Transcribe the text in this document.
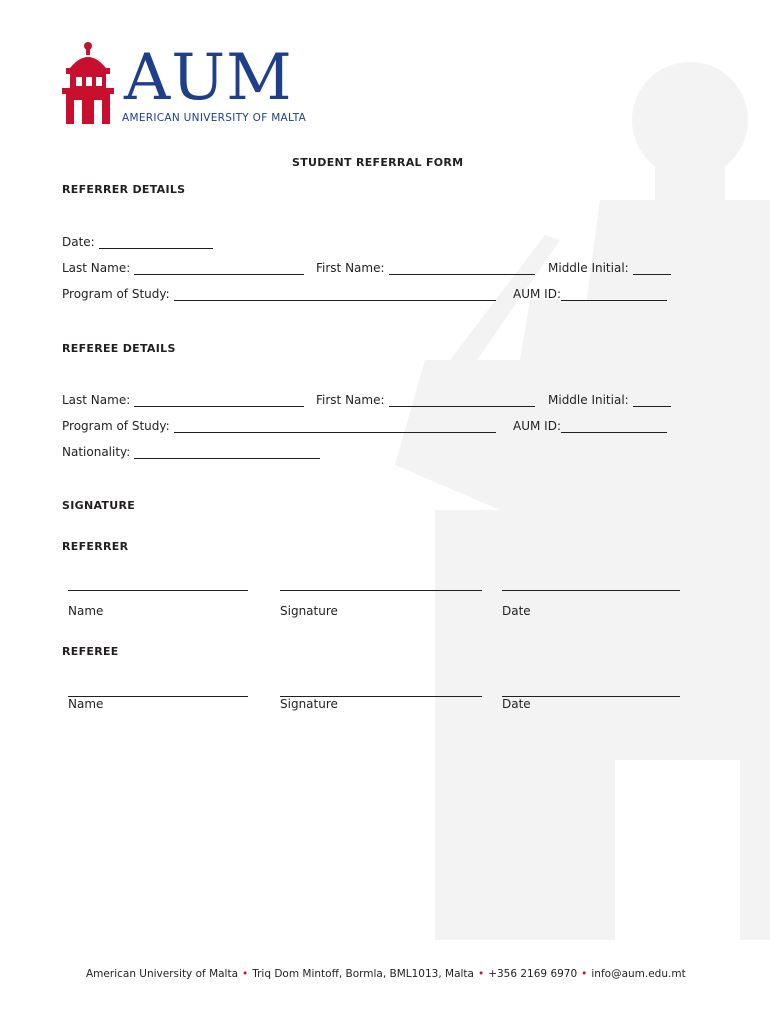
AUM
AMERICAN UNIVERSITY OF MALTA
STUDENT REFERRAL FORM
REFERRER DETAILS
Date:
Last Name:	First Name:	Middle Initial:
Program of Study:	AUM ID:
REFEREE DETAILS
Last Name:	First Name:	Middle Initial:
Program of Study:	AUM ID:
Nationality:
SIGNATURE
REFERRER
Name	Signature	Date
REFEREE
Name	Signature	Date
American University of Malta • Triq Dom Mintoff, Bormla, BML1013, Malta • +356 2169 6970 • info@aum.edu.mt
